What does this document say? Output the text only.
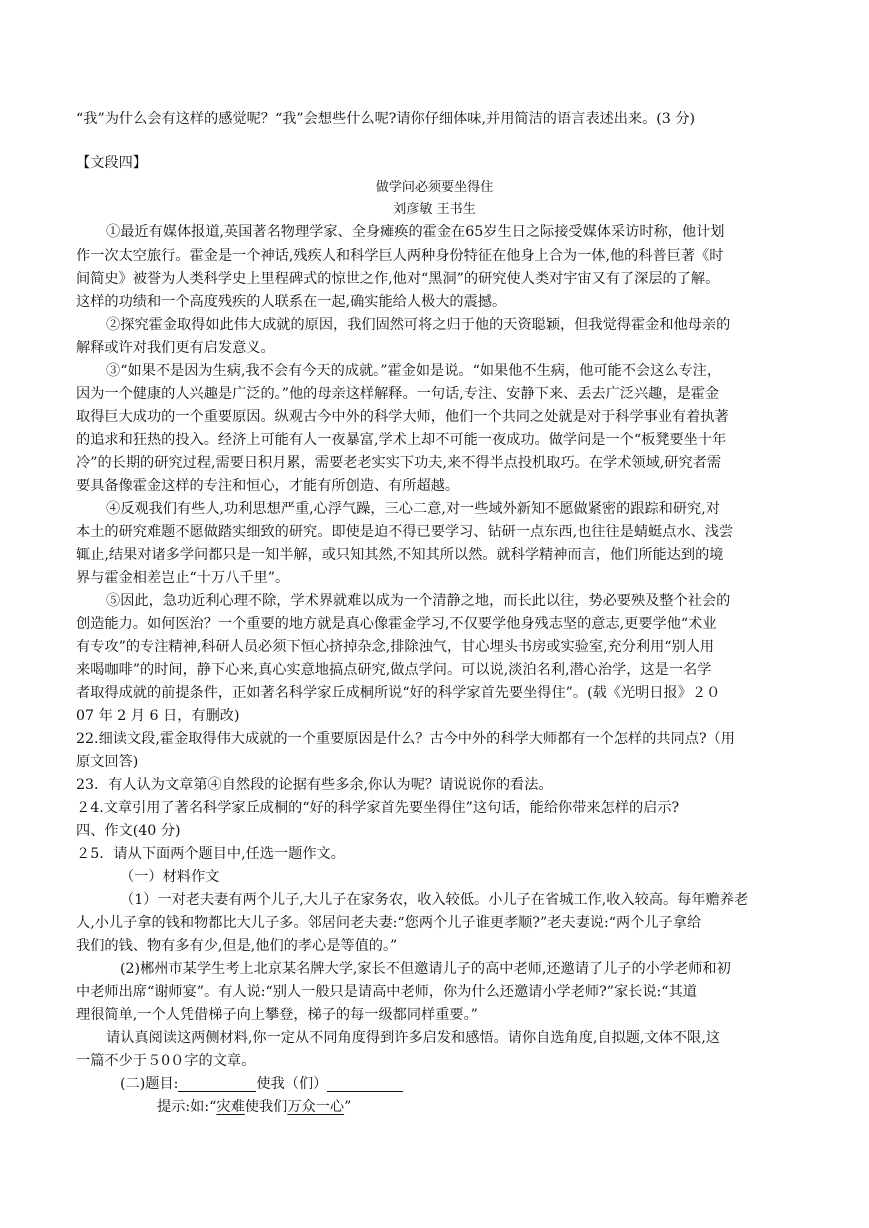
“我”为什么会有这样的感觉呢？“我”会想些什么呢?请你仔细体味,并用简洁的语言表述出来。(3 分)
【文段四】
做学问必须要坐得住
刘彦敏 王书生
①最近有媒体报道,英国著名物理学家、全身瘫痪的霍金在65岁生日之际接受媒体采访时称，他计划
作一次太空旅行。霍金是一个神话,残疾人和科学巨人两种身份特征在他身上合为一体,他的科普巨著《时
间简史》被誉为人类科学史上里程碑式的惊世之作,他对“黑洞”的研究使人类对宇宙又有了深层的了解。
这样的功绩和一个高度残疾的人联系在一起,确实能给人极大的震撼。
②探究霍金取得如此伟大成就的原因，我们固然可将之归于他的天资聪颖，但我觉得霍金和他母亲的
解释或许对我们更有启发意义。
③“如果不是因为生病,我不会有今天的成就。”霍金如是说。“如果他不生病，他可能不会这么专注，
因为一个健康的人兴趣是广泛的。”他的母亲这样解释。一句话,专注、安静下来、丢去广泛兴趣，是霍金
取得巨大成功的一个重要原因。纵观古今中外的科学大师，他们一个共同之处就是对于科学事业有着执著
的追求和狂热的投入。经济上可能有人一夜暴富,学术上却不可能一夜成功。做学问是一个“板凳要坐十年
冷”的长期的研究过程,需要日积月累，需要老老实实下功夫,来不得半点投机取巧。在学术领域,研究者需
要具备像霍金这样的专注和恒心，才能有所创造、有所超越。
④反观我们有些人,功利思想严重,心浮气躁，三心二意,对一些域外新知不愿做紧密的跟踪和研究,对
本土的研究难题不愿做踏实细致的研究。即使是迫不得已要学习、钻研一点东西,也往往是蜻蜓点水、浅尝
辄止,结果对诸多学问都只是一知半解，或只知其然,不知其所以然。就科学精神而言，他们所能达到的境
界与霍金相差岂止“十万八千里”。
⑤因此，急功近利心理不除，学术界就难以成为一个清静之地，而长此以往，势必要殃及整个社会的
创造能力。如何医治？一个重要的地方就是真心像霍金学习,不仅要学他身残志坚的意志,更要学他“术业
有专攻”的专注精神,科研人员必须下恒心挤掉杂念,排除浊气，甘心埋头书房或实验室,充分利用“别人用
来喝咖啡”的时间，静下心来,真心实意地搞点研究,做点学问。可以说,淡泊名利,潜心治学，这是一名学
者取得成就的前提条件，正如著名科学家丘成桐所说“好的科学家首先要坐得住”。(载《光明日报》２０
07 年 2 月 6 日，有删改)
22.细读文段,霍金取得伟大成就的一个重要原因是什么？古今中外的科学大师都有一个怎样的共同点?（用
原文回答)
23．有人认为文章第④自然段的论据有些多余,你认为呢？请说说你的看法。
２4.文章引用了著名科学家丘成桐的“好的科学家首先要坐得住”这句话，能给你带来怎样的启示?
四、作文(40 分)
２5．请从下面两个题目中,任选一题作文。
（一）材料作文
（1）一对老夫妻有两个儿子,大儿子在家务农，收入较低。小儿子在省城工作,收入较高。每年赡养老
人,小儿子拿的钱和物都比大儿子多。邻居问老夫妻:“您两个儿子谁更孝顺?”老夫妻说:“两个儿子拿给
我们的钱、物有多有少,但是,他们的孝心是等值的。”
(2)郴州市某学生考上北京某名牌大学,家长不但邀请儿子的高中老师,还邀请了儿子的小学老师和初
中老师出席“谢师宴”。有人说:“别人一般只是请高中老师，你为什么还邀请小学老师?”家长说:“其道
理很简单,一个人凭借梯子向上攀登，梯子的每一级都同样重要。”
请认真阅读这两侧材料,你一定从不同角度得到许多启发和感悟。请你自选角度,自拟题,文体不限,这
一篇不少于５0０字的文章。
(二)题目:	使我（们）
提示:如:“灾难使我们万众一心”
